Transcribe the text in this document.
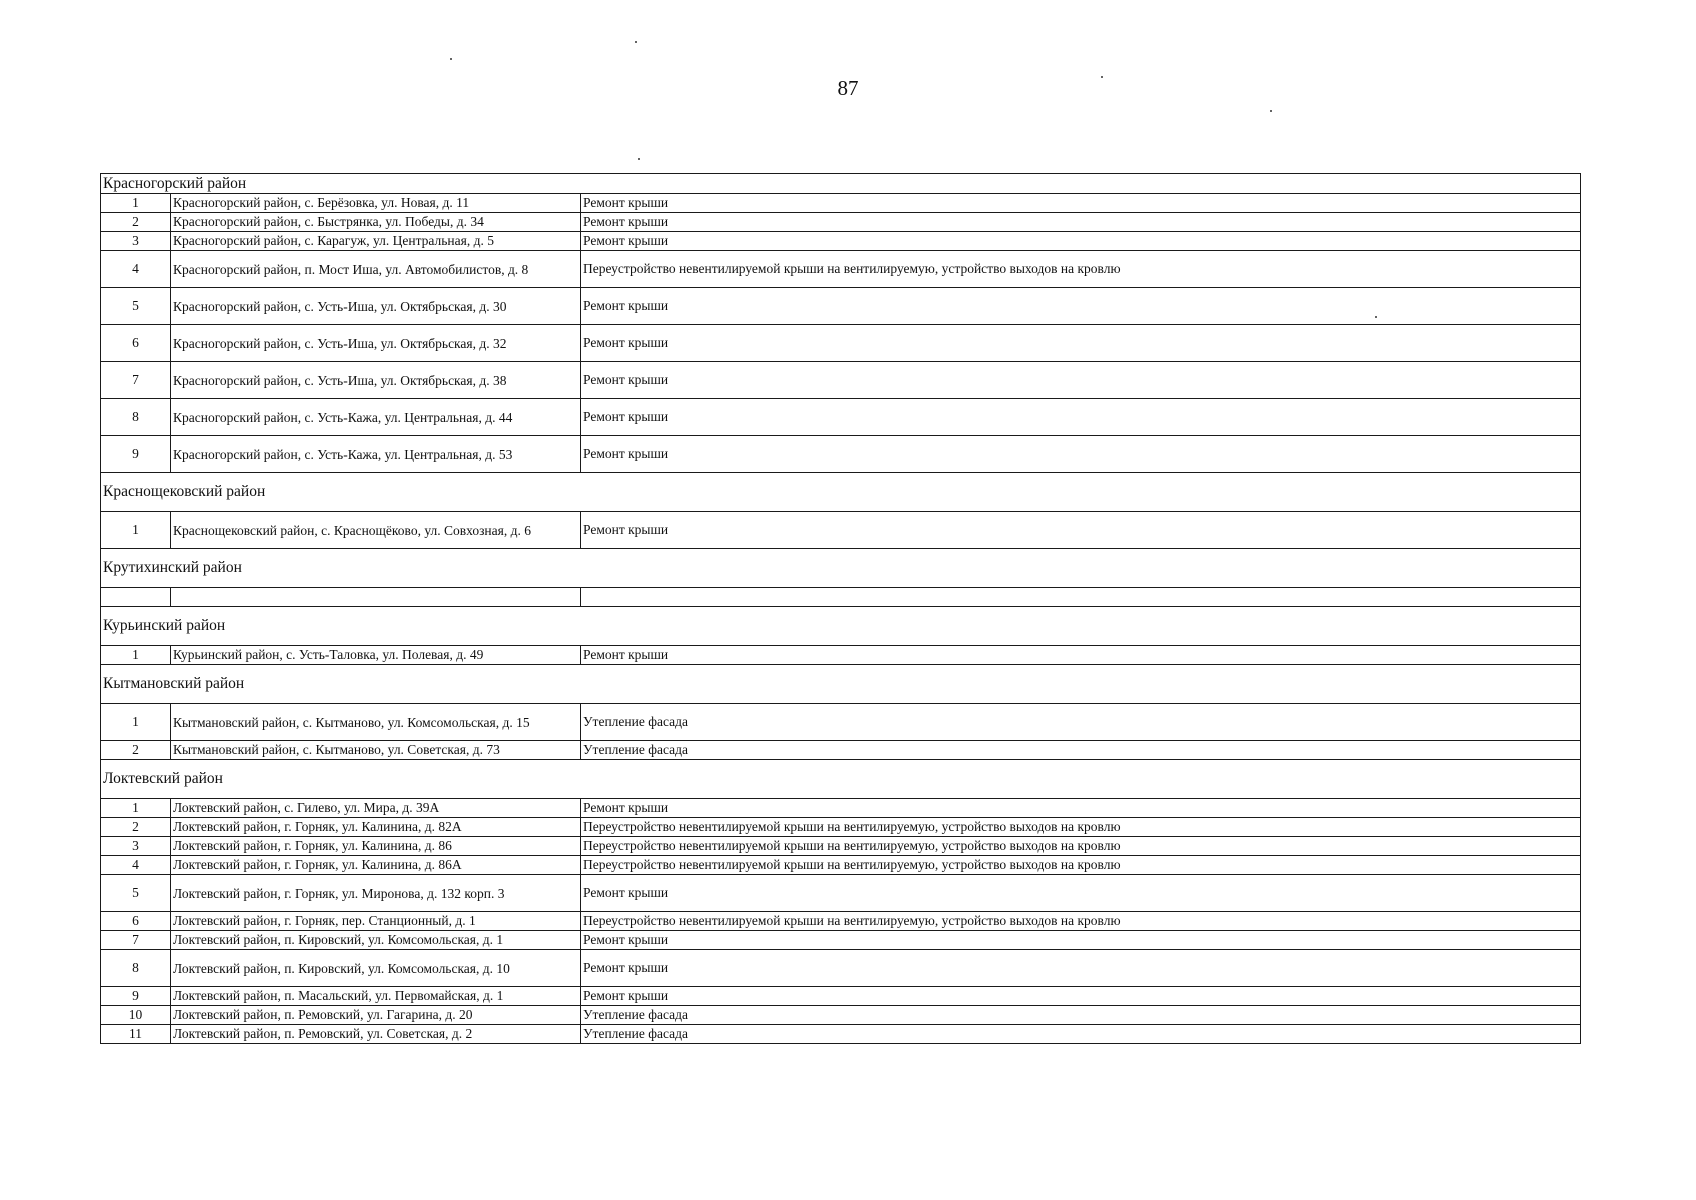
87
Красногорский район		
1	Красногорский район, с. Берёзовка, ул. Новая, д. 11	Ремонт крыши
2	Красногорский район, с. Быстрянка, ул. Победы, д. 34	Ремонт крыши
3	Красногорский район, с. Карагуж, ул. Центральная, д. 5	Ремонт крыши
4	Красногорский район, п. Мост Иша, ул. Автомобилистов, д. 8	Переустройство невентилируемой крыши на вентилируемую, устройство выходов на кровлю
5	Красногорский район, с. Усть-Иша, ул. Октябрьская, д. 30	Ремонт крыши
6	Красногорский район, с. Усть-Иша, ул. Октябрьская, д. 32	Ремонт крыши
7	Красногорский район, с. Усть-Иша, ул. Октябрьская, д. 38	Ремонт крыши
8	Красногорский район, с. Усть-Кажа, ул. Центральная, д. 44	Ремонт крыши
9	Красногорский район, с. Усть-Кажа, ул. Центральная, д. 53	Ремонт крыши
Краснощековский район		
1	Краснощековский район, с. Краснощёково, ул. Совхозная, д. 6	Ремонт крыши
Крутихинский район		

Курьинский район		
1	Курьинский район, с. Усть-Таловка, ул. Полевая, д. 49	Ремонт крыши
Кытмановский район		
1	Кытмановский район, с. Кытманово, ул. Комсомольская, д. 15	Утепление фасада
2	Кытмановский район, с. Кытманово, ул. Советская, д. 73	Утепление фасада
Локтевский район		
1	Локтевский район, с. Гилево, ул. Мира, д. 39А	Ремонт крыши
2	Локтевский район, г. Горняк, ул. Калинина, д. 82А	Переустройство невентилируемой крыши на вентилируемую, устройство выходов на кровлю
3	Локтевский район, г. Горняк, ул. Калинина, д. 86	Переустройство невентилируемой крыши на вентилируемую, устройство выходов на кровлю
4	Локтевский район, г. Горняк, ул. Калинина, д. 86А	Переустройство невентилируемой крыши на вентилируемую, устройство выходов на кровлю
5	Локтевский район, г. Горняк, ул. Миронова, д. 132 корп. 3	Ремонт крыши
6	Локтевский район, г. Горняк, пер. Станционный, д. 1	Переустройство невентилируемой крыши на вентилируемую, устройство выходов на кровлю
7	Локтевский район, п. Кировский, ул. Комсомольская, д. 1	Ремонт крыши
8	Локтевский район, п. Кировский, ул. Комсомольская, д. 10	Ремонт крыши
9	Локтевский район, п. Масальский, ул. Первомайская, д. 1	Ремонт крыши
10	Локтевский район, п. Ремовский, ул. Гагарина, д. 20	Утепление фасада
11	Локтевский район, п. Ремовский, ул. Советская, д. 2	Утепление фасада
